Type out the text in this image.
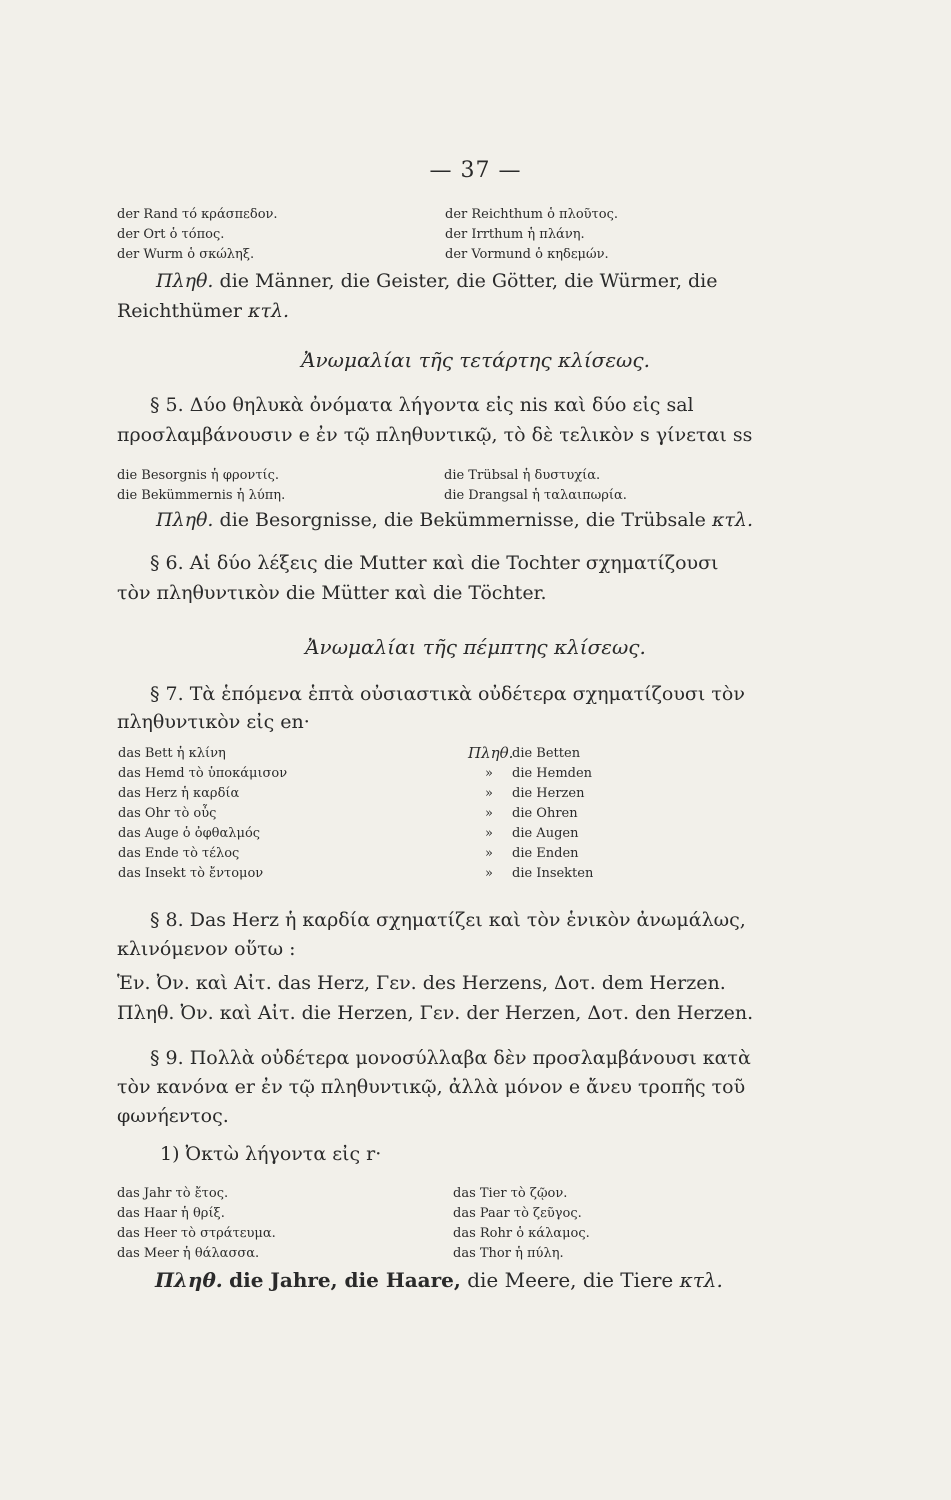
— 37 —
der Rand τό κράσπεδον.
der Ort ὁ τόπος.
der Wurm ὁ σκώληξ.
der Reichthum ὁ πλοῦτος.
der Irrthum ἡ πλάνη.
der Vormund ὁ κηδεμών.
Πληθ. die Männer, die Geister, die Götter, die Würmer, die
Reichthümer κτλ.
Ἀνωμαλίαι τῆς τετάρτης κλίσεως.
§ 5. Δύο θηλυκὰ ὀνόματα λήγοντα εἰς nis καὶ δύο εἰς sal
προσλαμβάνουσιν e ἐν τῷ πληθυντικῷ, τὸ δὲ τελικὸν s γίνεται ss
die Besorgnis ἡ φροντίς.
die Bekümmernis ἡ λύπη.
die Trübsal ἡ δυστυχία.
die Drangsal ἡ ταλαιπωρία.
Πληθ. die Besorgnisse, die Bekümmernisse, die Trübsale κτλ.
§ 6. Αἱ δύο λέξεις die Mutter καὶ die Tochter σχηματίζουσι
τὸν πληθυντικὸν die Mütter καὶ die Töchter.
Ἀνωμαλίαι τῆς πέμπτης κλίσεως.
§ 7. Τὰ ἑπόμενα ἑπτὰ οὐσιαστικὰ οὐδέτερα σχηματίζουσι τὸν
πληθυντικὸν εἰς en·
das Bett ἡ κλίνη
das Hemd τὸ ὑποκάμισον
das Herz ἡ καρδία
das Ohr τὸ οὖς
das Auge ὁ ὀφθαλμός
das Ende τὸ τέλος
das Insekt τὸ ἔντομον
Πληθ.
»
»
»
»
»
»
die Betten
die Hemden
die Herzen
die Ohren
die Augen
die Enden
die Insekten
§ 8. Das Herz ἡ καρδία σχηματίζει καὶ τὸν ἑνικὸν ἀνωμάλως,
κλινόμενον οὕτω :
Ἑν. Ὀν. καὶ Αἰτ. das Herz, Γεν. des Herzens, Δοτ. dem Herzen.
Πληθ. Ὀν. καὶ Αἰτ. die Herzen, Γεν. der Herzen, Δοτ. den Herzen.
§ 9. Πολλὰ οὐδέτερα μονοσύλλαβα δὲν προσλαμβάνουσι κατὰ
τὸν κανόνα er ἐν τῷ πληθυντικῷ, ἀλλὰ μόνον e ἄνευ τροπῆς τοῦ
φωνήεντος.
1) Ὀκτὼ λήγοντα εἰς r·
das Jahr τὸ ἔτος.
das Haar ἡ θρίξ.
das Heer τὸ στράτευμα.
das Meer ἡ θάλασσα.
das Tier τὸ ζῷον.
das Paar τὸ ζεῦγος.
das Rohr ὁ κάλαμος.
das Thor ἡ πύλη.
Πληθ. die Jahre, die Haare, die Meere, die Tiere κτλ.
